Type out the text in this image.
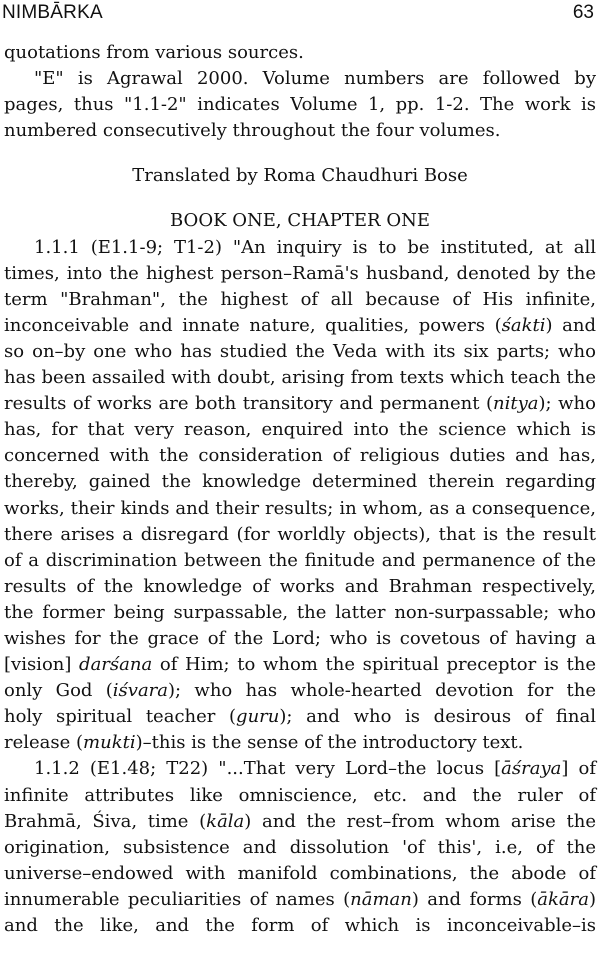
NIMBĀRKA	63

quotations from various sources.

"E" is Agrawal 2000. Volume numbers are followed by

pages, thus "1.1-2" indicates Volume 1, pp. 1-2. The work is

numbered consecutively throughout the four volumes.

Translated by Roma Chaudhuri Bose

BOOK ONE, CHAPTER ONE

1.1.1 (E1.1-9; T1-2) "An inquiry is to be instituted, at all

times, into the highest person–Ramā's husband, denoted by the

term "Brahman", the highest of all because of His infinite,

inconceivable and innate nature, qualities, powers (śakti) and

so on–by one who has studied the Veda with its six parts; who

has been assailed with doubt, arising from texts which teach the

results of works are both transitory and permanent (nitya); who

has, for that very reason, enquired into the science which is

concerned with the consideration of religious duties and has,

thereby, gained the knowledge determined therein regarding

works, their kinds and their results; in whom, as a consequence,

there arises a disregard (for worldly objects), that is the result

of a discrimination between the finitude and permanence of the

results of the knowledge of works and Brahman respectively,

the former being surpassable, the latter non-surpassable; who

wishes for the grace of the Lord; who is covetous of having a

[vision] darśana of Him; to whom the spiritual preceptor is the

only God (iśvara); who has whole-hearted devotion for the

holy spiritual teacher (guru); and who is desirous of final

release (mukti)–this is the sense of the introductory text.

1.1.2 (E1.48; T22) "...That very Lord–the locus [āśraya] of

infinite attributes like omniscience, etc. and the ruler of

Brahmā, Śiva, time (kāla) and the rest–from whom arise the

origination, subsistence and dissolution 'of this', i.e, of the

universe–endowed with manifold combinations, the abode of

innumerable peculiarities of names (nāman) and forms (ākāra)

and the like, and the form of which is inconceivable–is
